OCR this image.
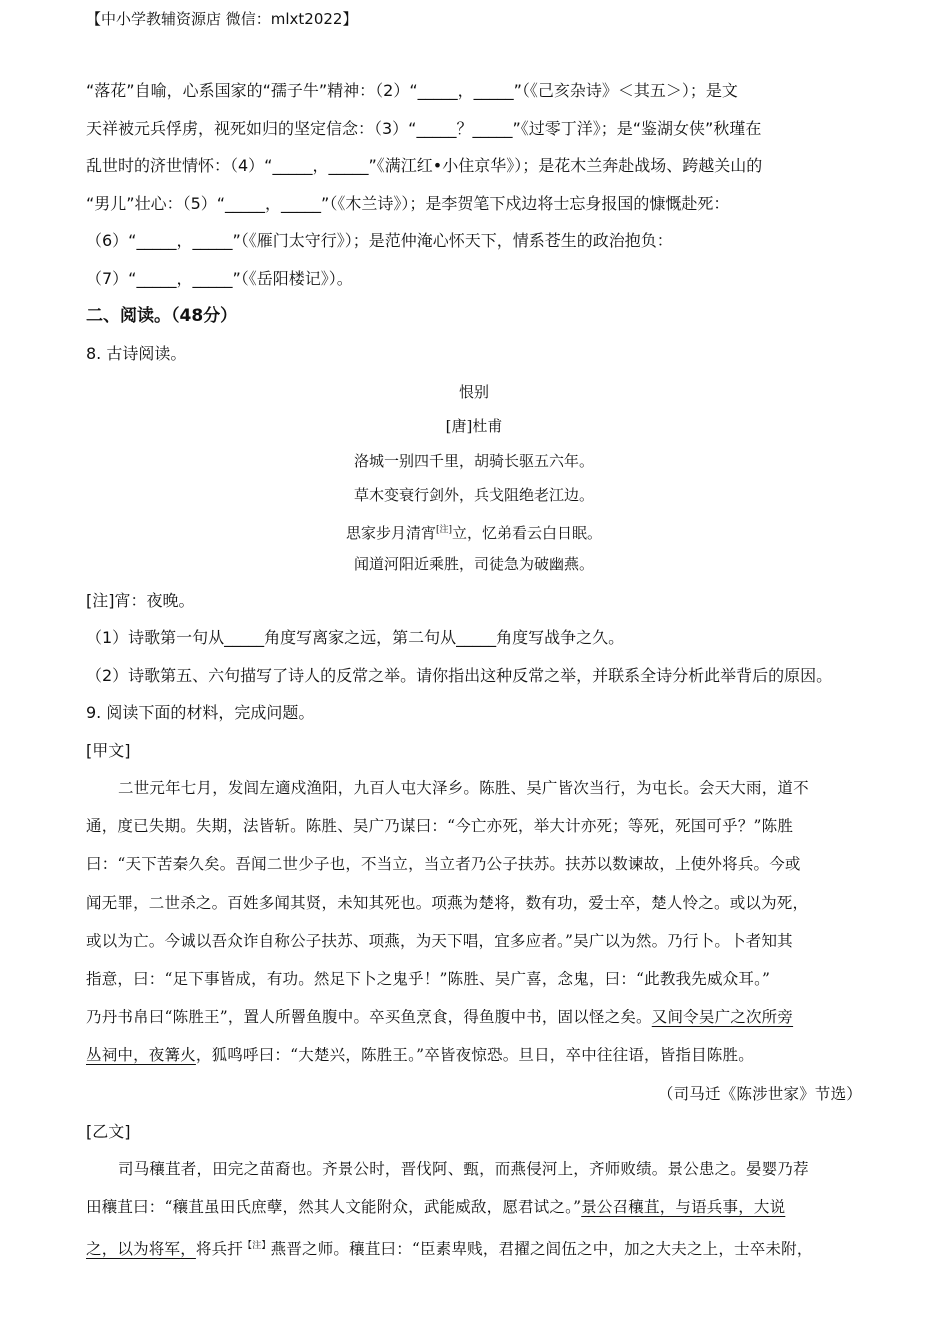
【中小学教辅资源店 微信：mlxt2022】
“落花”自喻，心系国家的“孺子牛”精神：（2）“_____，_____”（《己亥杂诗》＜其五＞）；是文
天祥被元兵俘虏，视死如归的坚定信念：（3）“_____？_____”《过零丁洋》；是“鉴湖女侠”秋瑾在
乱世时的济世情怀：（4）“_____，_____”《满江红•小住京华》）；是花木兰奔赴战场、跨越关山的
“男儿”壮心：（5）“_____，_____”（《木兰诗》）；是李贺笔下戍边将士忘身报国的慷慨赴死：
（6）“_____，_____”（《雁门太守行》）；是范仲淹心怀天下，情系苍生的政治抱负：
（7）“_____，_____”（《岳阳楼记》）。
二、阅读。（48分）
8. 古诗阅读。
恨别
[唐]杜甫
洛城一别四千里，胡骑长驱五六年。
草木变衰行剑外，兵戈阻绝老江边。
思家步月清宵[注]立，忆弟看云白日眠。
闻道河阳近乘胜，司徒急为破幽燕。
[注]宵：夜晚。
（1）诗歌第一句从_____角度写离家之远，第二句从_____角度写战争之久。
（2）诗歌第五、六句描写了诗人的反常之举。请你指出这种反常之举，并联系全诗分析此举背后的原因。
9. 阅读下面的材料，完成问题。
[甲文]
二世元年七月，发闾左適戍渔阳，九百人屯大泽乡。陈胜、吴广皆次当行，为屯长。会天大雨，道不
通，度已失期。失期，法皆斩。陈胜、吴广乃谋曰：“今亡亦死，举大计亦死；等死，死国可乎？”陈胜
曰：“天下苦秦久矣。吾闻二世少子也，不当立，当立者乃公子扶苏。扶苏以数谏故，上使外将兵。今或
闻无罪，二世杀之。百姓多闻其贤，未知其死也。项燕为楚将，数有功，爱士卒，楚人怜之。或以为死，
或以为亡。今诚以吾众诈自称公子扶苏、项燕，为天下唱，宜多应者。”吴广以为然。乃行卜。卜者知其
指意，曰：“足下事皆成，有功。然足下卜之鬼乎！”陈胜、吴广喜，念鬼，曰：“此教我先威众耳。”
乃丹书帛曰“陈胜王”，置人所罾鱼腹中。卒买鱼烹食，得鱼腹中书，固以怪之矣。又间令吴广之次所旁
丛祠中，夜篝火，狐鸣呼曰：“大楚兴，陈胜王。”卒皆夜惊恐。旦日，卒中往往语，皆指目陈胜。
（司马迁《陈涉世家》节选）
[乙文]
司马穰苴者，田完之苗裔也。齐景公时，晋伐阿、甄，而燕侵河上，齐师败绩。景公患之。晏婴乃荐
田穰苴曰：“穰苴虽田氏庶孽，然其人文能附众，武能威敌，愿君试之。”景公召穰苴，与语兵事，大说
之，以为将军，将兵扞$^{【注】}$燕晋之师。穰苴曰：“臣素卑贱，君擢之闾伍之中，加之大夫之上，士卒未附，
